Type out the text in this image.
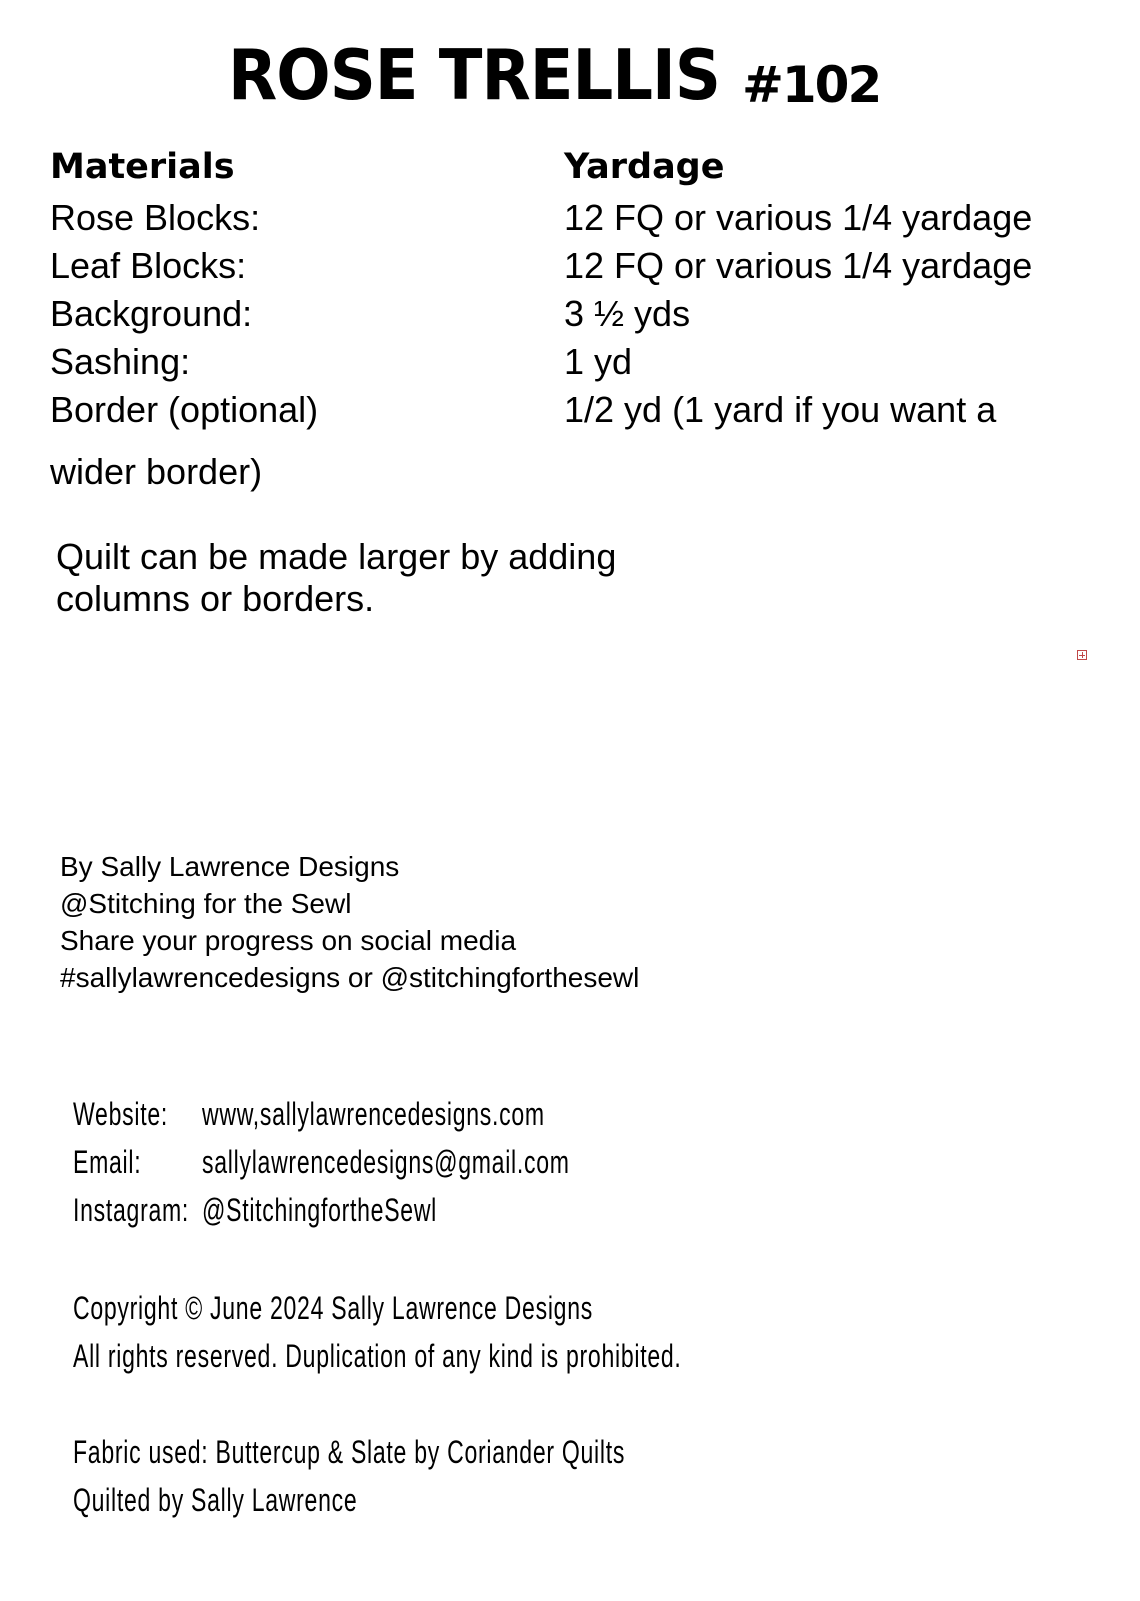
ROSE TRELLIS #102
Materials	Yardage
Rose Blocks:	12 FQ or various 1/4 yardage
Leaf Blocks:	12 FQ or various 1/4 yardage
Background:	3 ½ yds
Sashing:	1 yd
Border (optional)	1/2 yd (1 yard if you want a
wider border)
Quilt can be made larger by adding
columns or borders.
By Sally Lawrence Designs
@Stitching for the Sewl
Share your progress on social media
#sallylawrencedesigns or @stitchingforthesewl
Website: www,sallylawrencedesigns.com
Email: sallylawrencedesigns@gmail.com
Instagram: @StitchingfortheSewl
Copyright © June 2024 Sally Lawrence Designs
All rights reserved. Duplication of any kind is prohibited.
Fabric used: Buttercup & Slate by Coriander Quilts
Quilted by Sally Lawrence
